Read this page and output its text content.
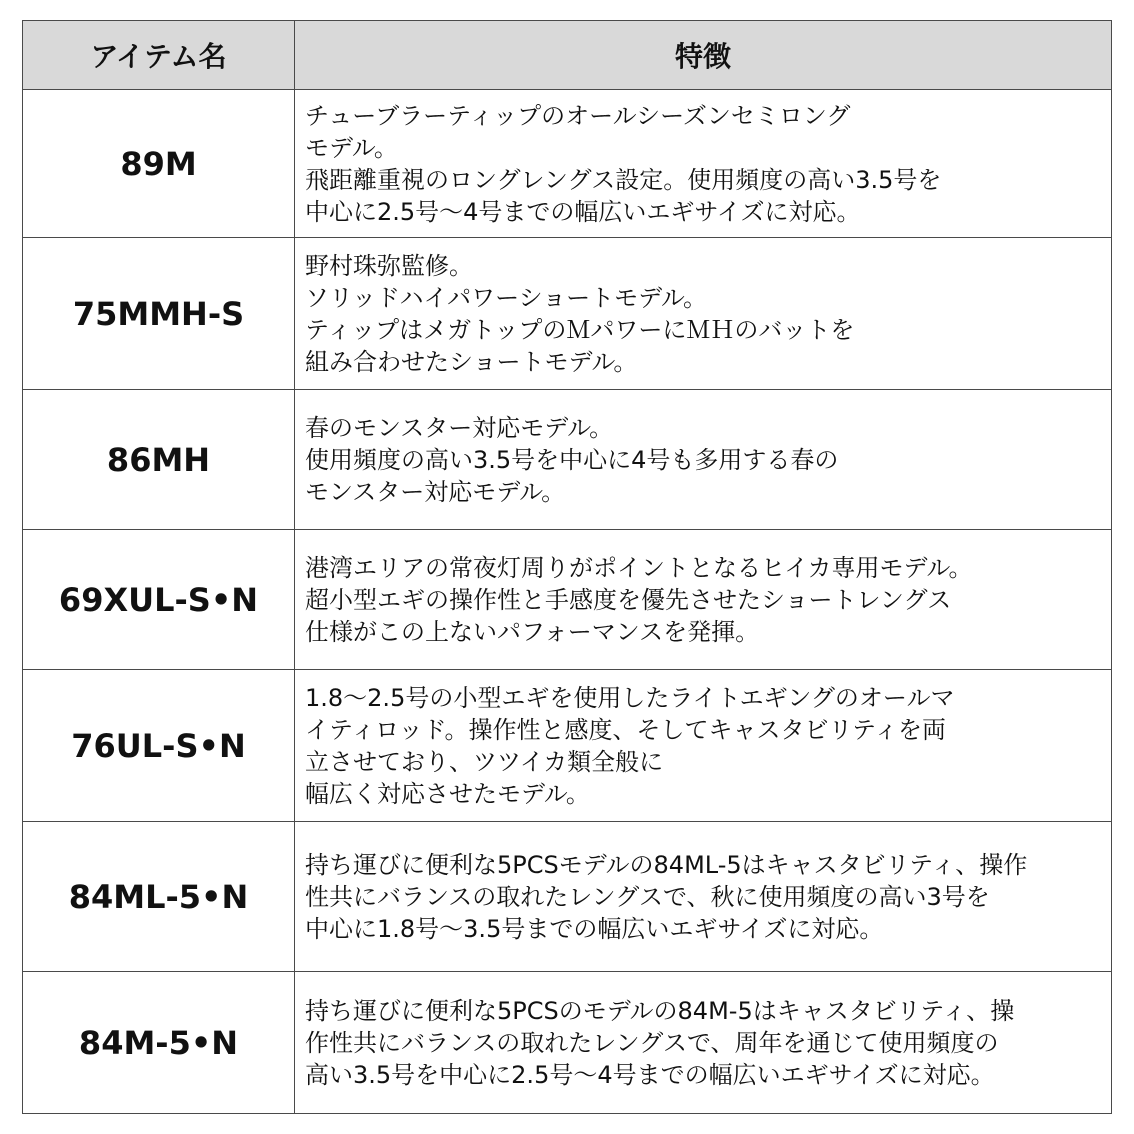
アイテム名	特徴
89M	チューブラーティップのオールシーズンセミロング
モデル。
飛距離重視のロングレングス設定。使用頻度の高い3.5号を
中心に2.5号～4号までの幅広いエギサイズに対応。

75MMH-S	野村珠弥監修。
ソリッドハイパワーショートモデル。
ティップはメガトップのＭパワーにＭＨのバットを
組み合わせたショートモデル。

86MH	春のモンスター対応モデル。
使用頻度の高い3.5号を中心に4号も多用する春の
モンスター対応モデル。

69XUL-S•N	港湾エリアの常夜灯周りがポイントとなるヒイカ専用モデル。
超小型エギの操作性と手感度を優先させたショートレングス
仕様がこの上ないパフォーマンスを発揮。

76UL-S•N	1.8～2.5号の小型エギを使用したライトエギングのオールマ
イティロッド。操作性と感度、そしてキャスタビリティを両
立させており、ツツイカ類全般に
幅広く対応させたモデル。

84ML-5•N	持ち運びに便利な5PCSモデルの84ML-5はキャスタビリティ、操作
性共にバランスの取れたレングスで、秋に使用頻度の高い3号を
中心に1.8号～3.5号までの幅広いエギサイズに対応。

84M-5•N	持ち運びに便利な5PCSのモデルの84M-5はキャスタビリティ、操
作性共にバランスの取れたレングスで、周年を通じて使用頻度の
高い3.5号を中心に2.5号～4号までの幅広いエギサイズに対応。
